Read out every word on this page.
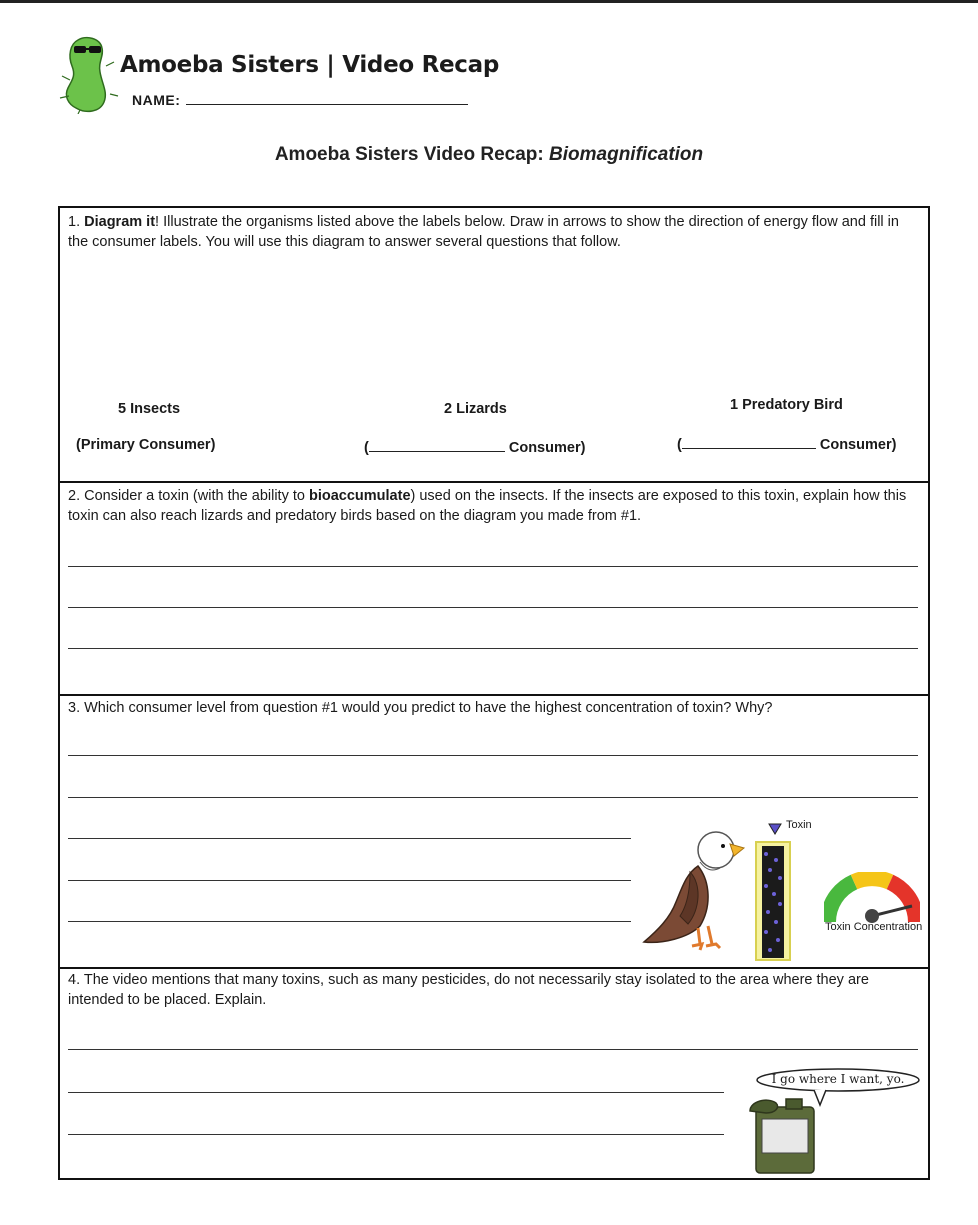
Amoeba Sisters | Video Recap
NAME:
Amoeba Sisters Video Recap: Biomagnification
1. Diagram it! Illustrate the organisms listed above the labels below. Draw in arrows to show the direction of energy flow and fill in the consumer labels. You will use this diagram to answer several questions that follow.
5 Insects	2 Lizards	1 Predatory Bird
(Primary Consumer)	(	Consumer)	(	Consumer)
2. Consider a toxin (with the ability to bioaccumulate) used on the insects. If the insects are exposed to this toxin, explain how this toxin can also reach lizards and predatory birds based on the diagram you made from #1.
3. Which consumer level from question #1 would you predict to have the highest concentration of toxin? Why?
Toxin
Toxin Concentration
4. The video mentions that many toxins, such as many pesticides, do not necessarily stay isolated to the area where they are intended to be placed. Explain.
I go where I want, yo.
